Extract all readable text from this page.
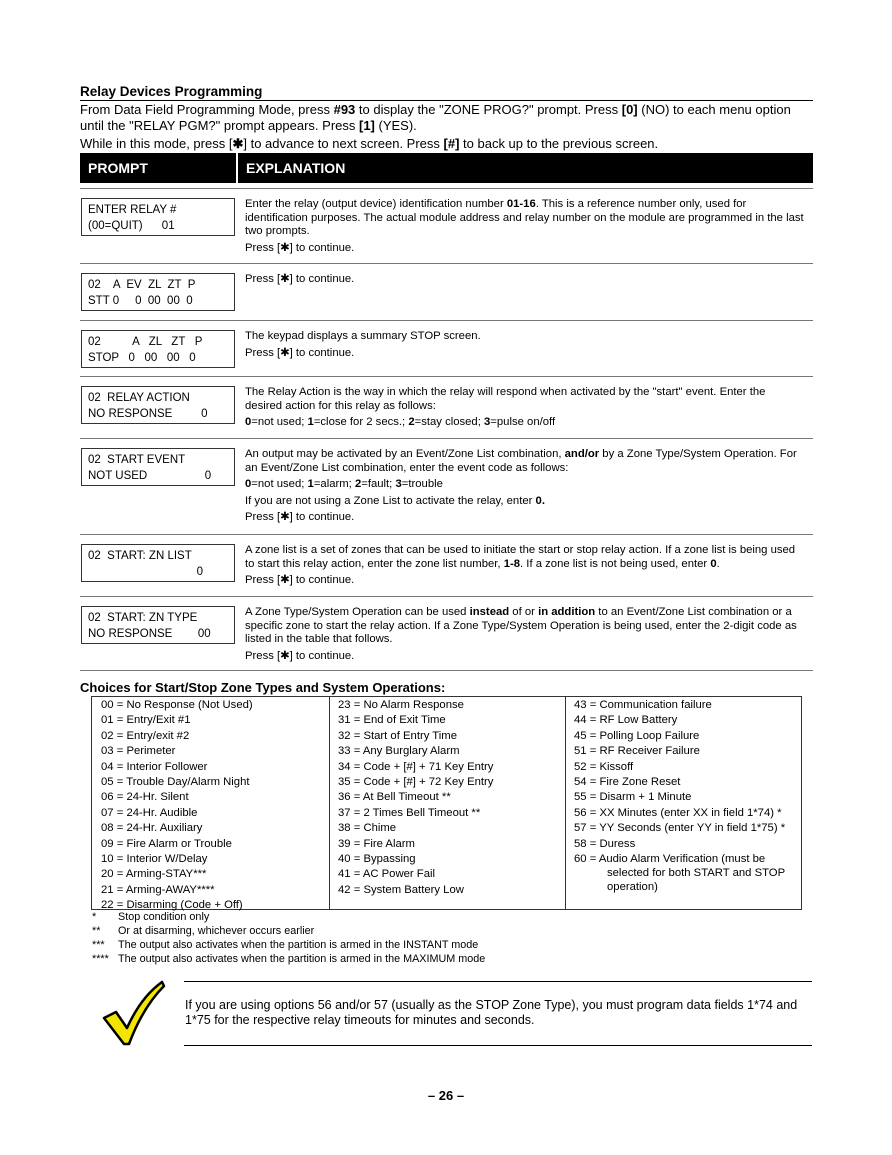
Relay Devices Programming
From Data Field Programming Mode, press #93 to display the "ZONE PROG?" prompt. Press [0] (NO) to each menu option
until the "RELAY PGM?" prompt appears. Press [1] (YES).
While in this mode, press [✱] to advance to next screen. Press [#] to back up to the previous screen.
PROMPT	EXPLANATION
ENTER RELAY #
(00=QUIT)      01

Enter the relay (output device) identification number 01-16. This is a reference number only, used for identification purposes. The actual module address and relay number on the module are programmed in the last two prompts.

Press [✱] to continue.

02    A  EV  ZL  ZT  P
STT 0     0  00  00  0

Press [✱] to continue.

02          A   ZL   ZT   P
STOP   0   00   00   0

The keypad displays a summary STOP screen.

Press [✱] to continue.

02  RELAY ACTION
NO RESPONSE         0

The Relay Action is the way in which the relay will respond when activated by the "start" event. Enter the desired action for this relay as follows:

0=not used; 1=close for 2 secs.; 2=stay closed; 3=pulse on/off

02  START EVENT
NOT USED                  0

An output may be activated by an Event/Zone List combination, and/or by a Zone Type/System Operation. For an Event/Zone List combination, enter the event code as follows:

0=not used; 1=alarm; 2=fault; 3=trouble

If you are not using a Zone List to activate the relay, enter 0.

Press [✱] to continue.

02  START: ZN LIST
0

A zone list is a set of zones that can be used to initiate the start or stop relay action. If a zone list is being used to start this relay action, enter the zone list number, 1-8. If a zone list is not being used, enter 0.

Press [✱] to continue.

02  START: ZN TYPE
NO RESPONSE        00

A Zone Type/System Operation can be used instead of or in addition to an Event/Zone List combination or a specific zone to start the relay action. If a Zone Type/System Operation is being used, enter the 2-digit code as listed in the table that follows.

Press [✱] to continue.

Choices for Start/Stop Zone Types and System Operations:
00 = No Response (Not Used)
01 = Entry/Exit #1
02 = Entry/exit #2
03 = Perimeter
04 = Interior Follower
05 = Trouble Day/Alarm Night
06 = 24-Hr. Silent
07 = 24-Hr. Audible
08 = 24-Hr. Auxiliary
09 = Fire Alarm or Trouble
10 = Interior W/Delay
20 = Arming-STAY***
21 = Arming-AWAY****
22 = Disarming (Code + Off)
23 = No Alarm Response
31 = End of Exit Time
32 = Start of Entry Time
33 = Any Burglary Alarm
34 = Code + [#] + 71 Key Entry
35 = Code + [#] + 72 Key Entry
36 = At Bell Timeout **
37 = 2 Times Bell Timeout **
38 = Chime
39 = Fire Alarm
40 = Bypassing
41 = AC Power Fail
42 = System Battery Low
43 = Communication failure
44 = RF Low Battery
45 = Polling Loop Failure
51 = RF Receiver Failure
52 = Kissoff
54 = Fire Zone Reset
55 = Disarm + 1 Minute
56 = XX Minutes (enter XX in field 1*74) *
57 = YY Seconds (enter YY in field 1*75) *
58 = Duress
60 = Audio Alarm Verification (must be selected for both START and STOP operation)
* Stop condition only
** Or at disarming, whichever occurs earlier
*** The output also activates when the partition is armed in the INSTANT mode
**** The output also activates when the partition is armed in the MAXIMUM mode
If you are using options 56 and/or 57 (usually as the STOP Zone Type), you must program data fields 1*74 and 1*75 for the respective relay timeouts for minutes and seconds.
– 26 –
